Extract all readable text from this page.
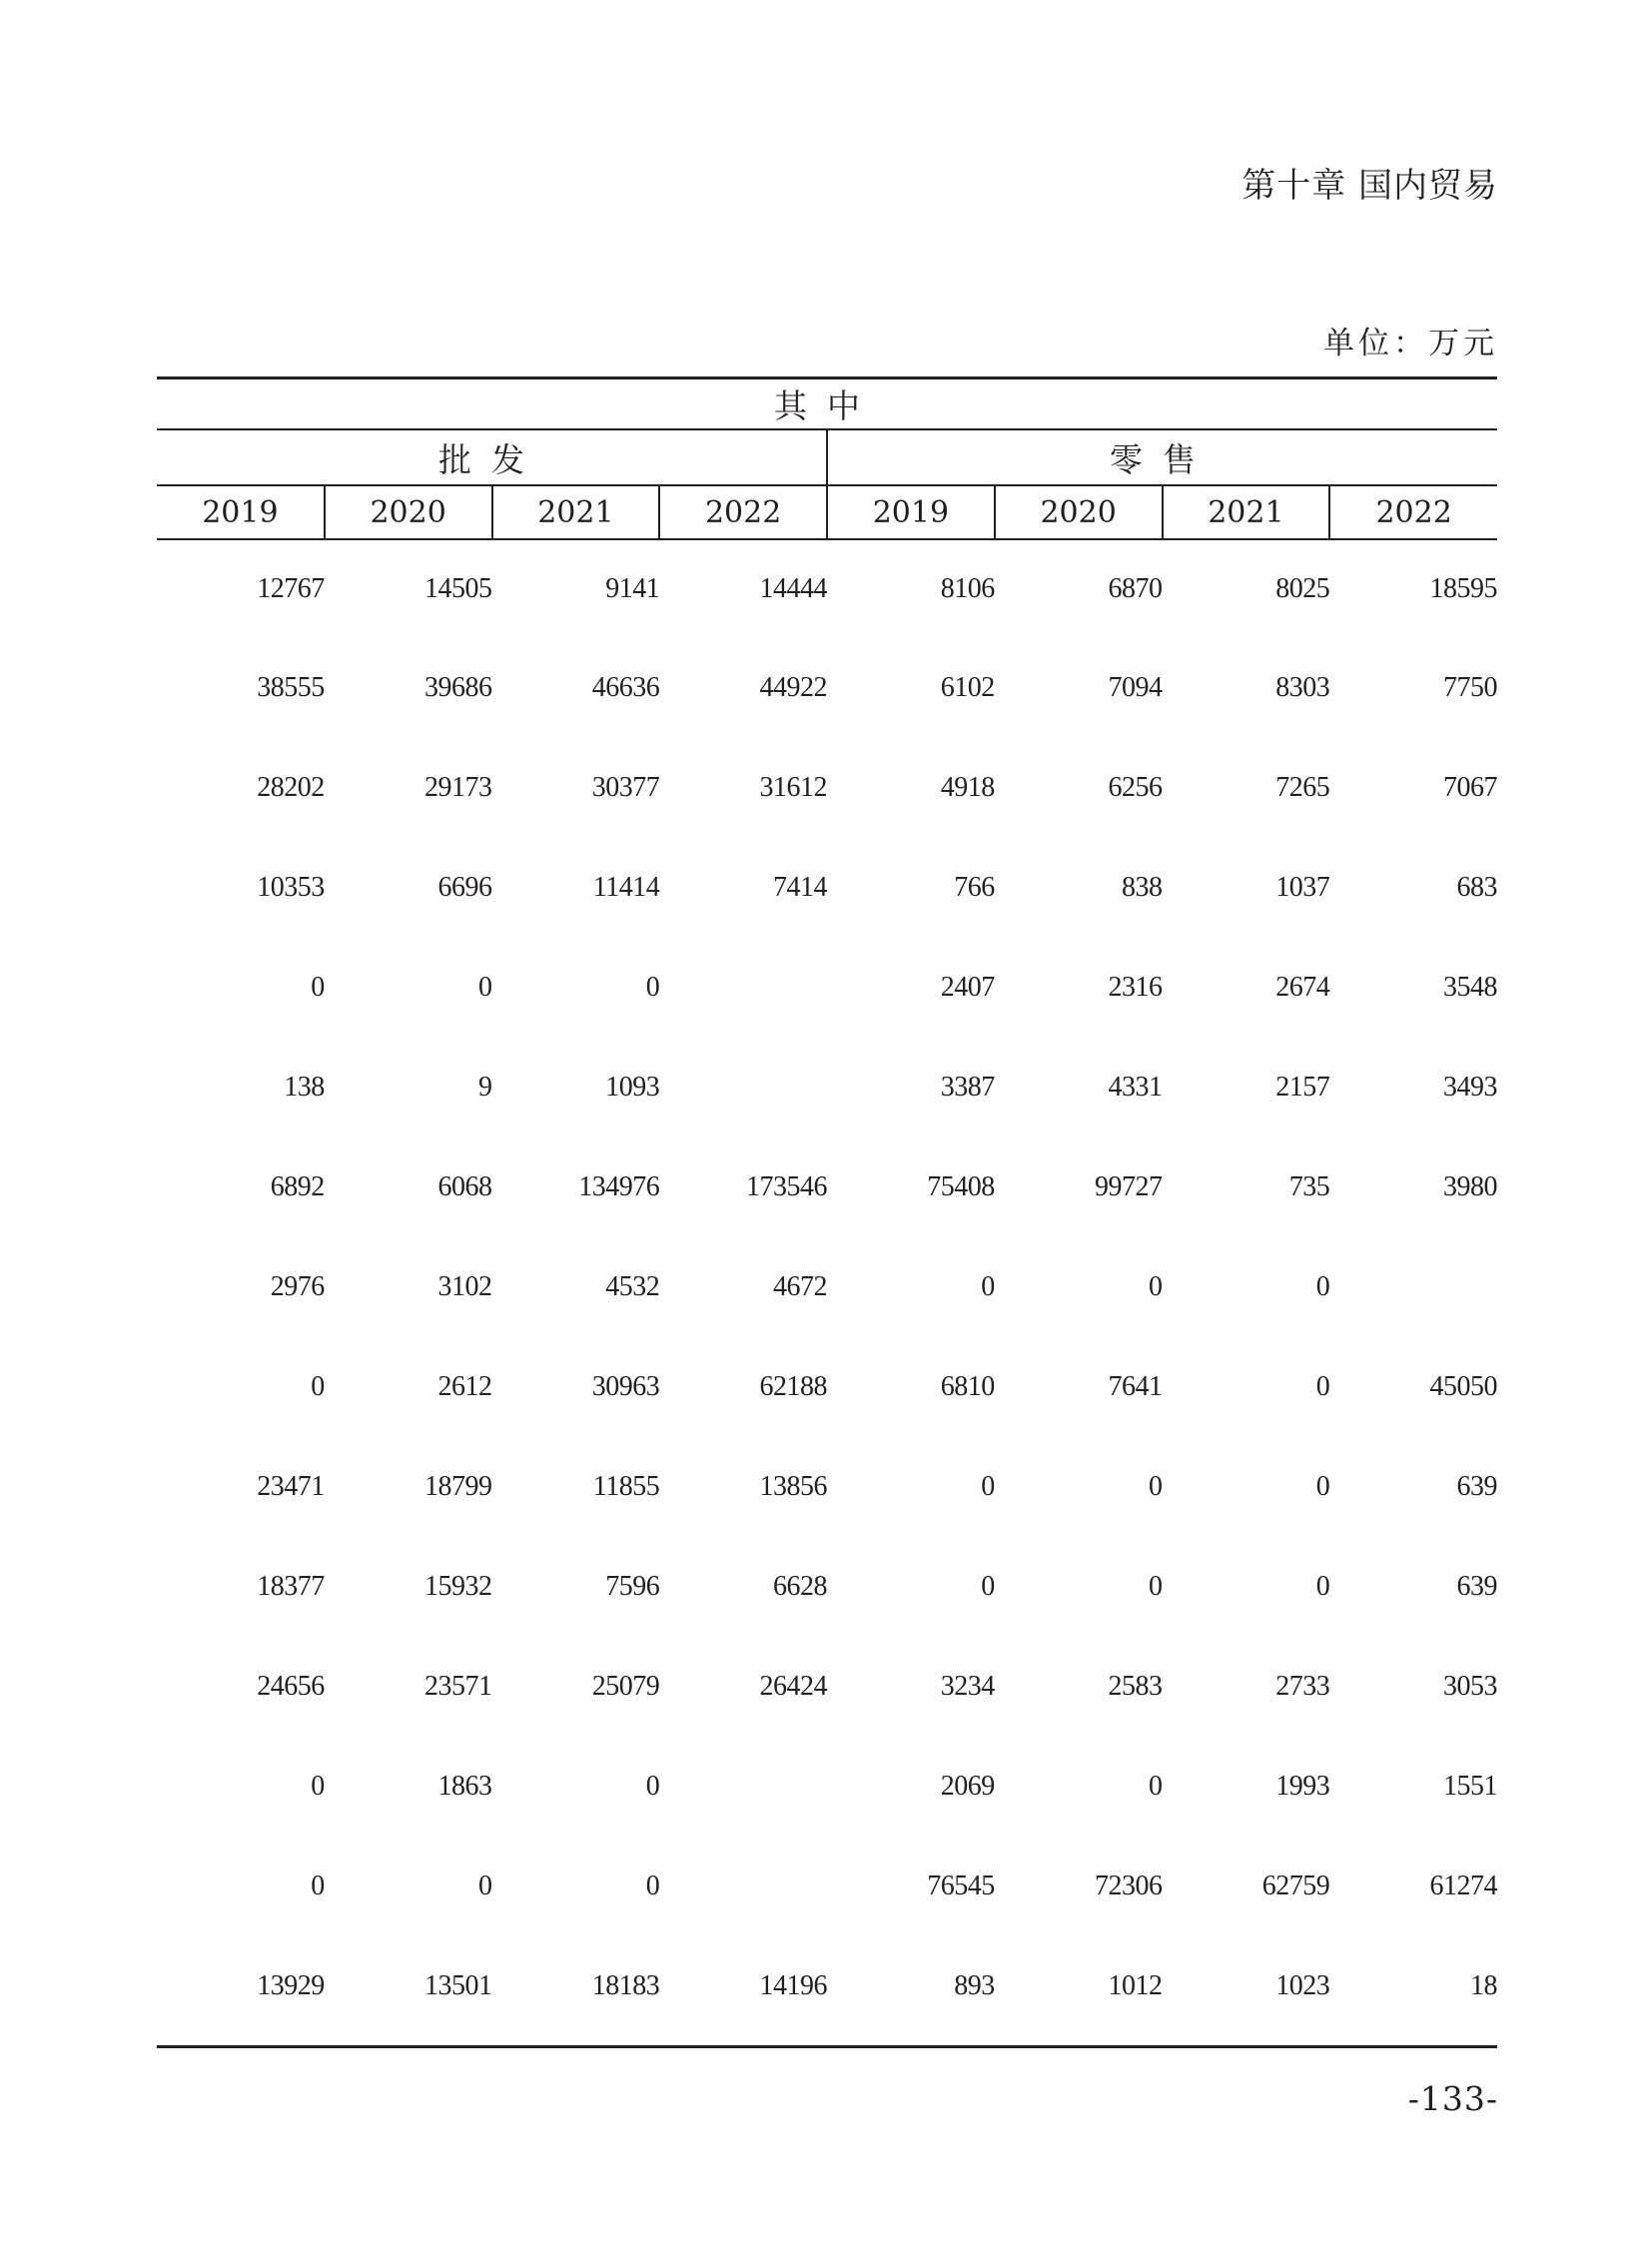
第十章 国内贸易
单位：万元
其中							
批发				零售			
2019	2020	2021	2022	2019	2020	2021	2022
12767	14505	9141	14444	8106	6870	8025	18595
38555	39686	46636	44922	6102	7094	8303	7750
28202	29173	30377	31612	4918	6256	7265	7067
10353	6696	11414	7414	766	838	1037	683
0	0	0		2407	2316	2674	3548
138	9	1093		3387	4331	2157	3493
6892	6068	134976	173546	75408	99727	735	3980
2976	3102	4532	4672	0	0	0	
0	2612	30963	62188	6810	7641	0	45050
23471	18799	11855	13856	0	0	0	639
18377	15932	7596	6628	0	0	0	639
24656	23571	25079	26424	3234	2583	2733	3053
0	1863	0		2069	0	1993	1551
0	0	0		76545	72306	62759	61274
13929	13501	18183	14196	893	1012	1023	18
-133-
